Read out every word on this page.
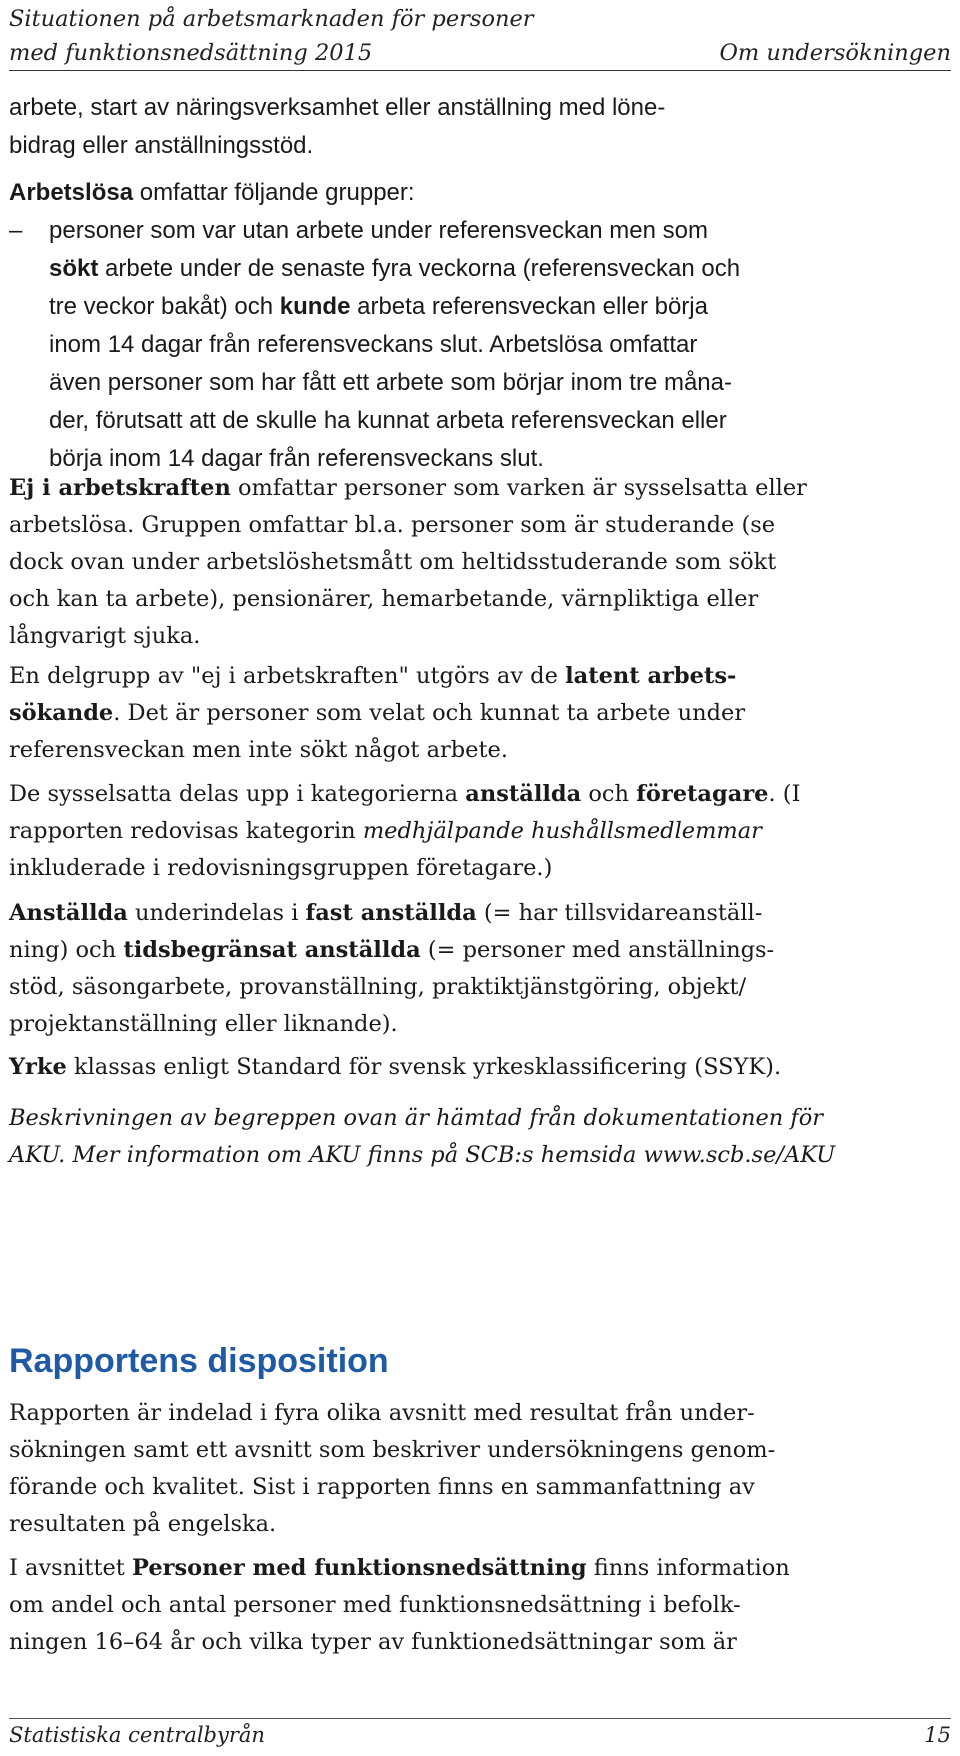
Situationen på arbetsmarknaden för personer
med funktionsnedsättning 2015	Om undersökningen
arbete, start av näringsverksamhet eller anställning med löne-
bidrag eller anställningsstöd.
Arbetslösa omfattar följande grupper:
–	personer som var utan arbete under referensveckan men som
sökt arbete under de senaste fyra veckorna (referensveckan och
tre veckor bakåt) och kunde arbeta referensveckan eller börja
inom 14 dagar från referensveckans slut. Arbetslösa omfattar
även personer som har fått ett arbete som börjar inom tre måna-
der, förutsatt att de skulle ha kunnat arbeta referensveckan eller
börja inom 14 dagar från referensveckans slut.
Ej i arbetskraften omfattar personer som varken är sysselsatta eller
arbetslösa. Gruppen omfattar bl.a. personer som är studerande (se
dock ovan under arbetslöshetsmått om heltidsstuderande som sökt
och kan ta arbete), pensionärer, hemarbetande, värnpliktiga eller
långvarigt sjuka.
En delgrupp av "ej i arbetskraften" utgörs av de latent arbets-
sökande. Det är personer som velat och kunnat ta arbete under
referensveckan men inte sökt något arbete.
De sysselsatta delas upp i kategorierna anställda och företagare. (I
rapporten redovisas kategorin medhjälpande hushållsmedlemmar
inkluderade i redovisningsgruppen företagare.)
Anställda underindelas i fast anställda (= har tillsvidareanställ-
ning) och tidsbegränsat anställda (= personer med anställnings-
stöd, säsongarbete, provanställning, praktiktjänstgöring, objekt/
projektanställning eller liknande).
Yrke klassas enligt Standard för svensk yrkesklassificering (SSYK).
Beskrivningen av begreppen ovan är hämtad från dokumentationen för
AKU. Mer information om AKU finns på SCB:s hemsida www.scb.se/AKU
Rapportens disposition
Rapporten är indelad i fyra olika avsnitt med resultat från under-
sökningen samt ett avsnitt som beskriver undersökningens genom-
förande och kvalitet. Sist i rapporten finns en sammanfattning av
resultaten på engelska.
I avsnittet Personer med funktionsnedsättning finns information
om andel och antal personer med funktionsnedsättning i befolk-
ningen 16–64 år och vilka typer av funktionedsättningar som är
Statistiska centralbyrån	15
